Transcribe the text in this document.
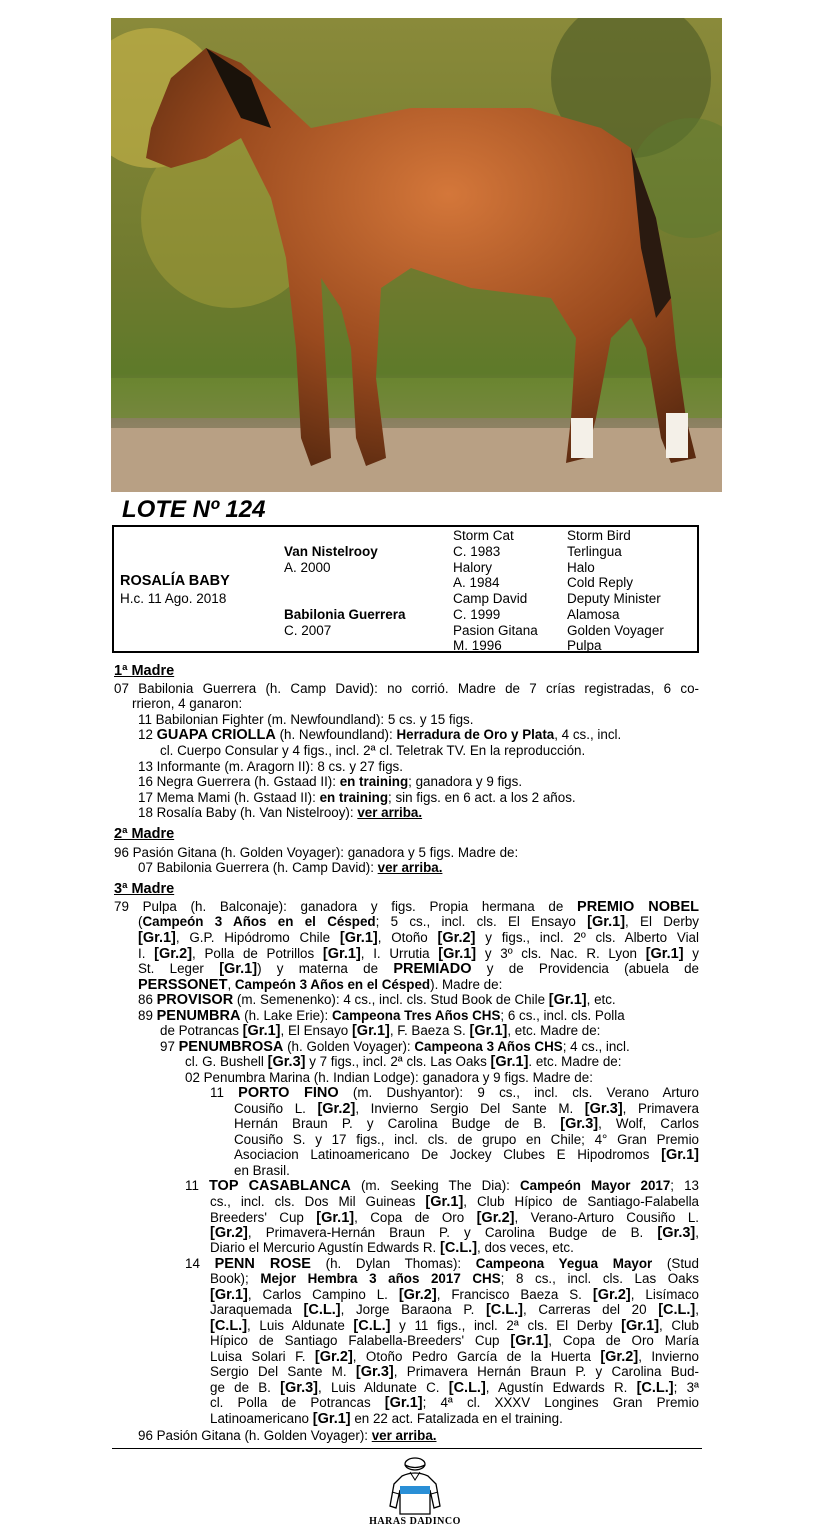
LOTE Nº 124
ROSALÍA BABY
H.c. 11 Ago. 2018
Van Nistelrooy
A. 2000
Babilonia Guerrera
C. 2007
Storm Cat
C. 1983
Halory
A. 1984
Camp David
C. 1999
Pasion Gitana
M. 1996
Storm Bird
Terlingua
Halo
Cold Reply
Deputy Minister
Alamosa
Golden Voyager
Pulpa
1ª Madre
07 Babilonia Guerrera (h. Camp David): no corrió. Madre de 7 crías registradas, 6 co-
rrieron, 4 ganaron:
11 Babilonian Fighter (m. Newfoundland): 5 cs. y 15 figs.
12 GUAPA CRIOLLA (h. Newfoundland): Herradura de Oro y Plata, 4 cs., incl.
cl. Cuerpo Consular y 4 figs., incl. 2ª cl. Teletrak TV. En la reproducción.
13 Informante (m. Aragorn II): 8 cs. y 27 figs.
16 Negra Guerrera (h. Gstaad II): en training; ganadora y 9 figs.
17 Mema Mami (h. Gstaad II): en training; sin figs. en 6 act. a los 2 años.
18 Rosalía Baby (h. Van Nistelrooy): ver arriba.
2ª Madre
96 Pasión Gitana (h. Golden Voyager): ganadora y 5 figs. Madre de:
07 Babilonia Guerrera (h. Camp David): ver arriba.
3ª Madre
79 Pulpa (h. Balconaje): ganadora y figs. Propia hermana de PREMIO NOBEL
(Campeón 3 Años en el Césped; 5 cs., incl. cls. El Ensayo [Gr.1], El Derby
[Gr.1], G.P. Hipódromo Chile [Gr.1], Otoño [Gr.2] y figs., incl. 2º cls. Alberto Vial
I. [Gr.2], Polla de Potrillos [Gr.1], I. Urrutia [Gr.1] y 3º cls. Nac. R. Lyon [Gr.1] y
St. Leger [Gr.1]) y materna de PREMIADO y de Providencia (abuela de
PERSSONET, Campeón 3 Años en el Césped). Madre de:
86 PROVISOR (m. Semenenko): 4 cs., incl. cls. Stud Book de Chile [Gr.1], etc.
89 PENUMBRA (h. Lake Erie): Campeona Tres Años CHS; 6 cs., incl. cls. Polla
de Potrancas [Gr.1], El Ensayo [Gr.1], F. Baeza S. [Gr.1], etc. Madre de:
97 PENUMBROSA (h. Golden Voyager): Campeona 3 Años CHS; 4 cs., incl.
cl. G. Bushell [Gr.3] y 7 figs., incl. 2ª cls. Las Oaks [Gr.1]. etc. Madre de:
02 Penumbra Marina (h. Indian Lodge): ganadora y 9 figs. Madre de:
11 PORTO FINO (m. Dushyantor): 9 cs., incl. cls. Verano Arturo
Cousiño L. [Gr.2], Invierno Sergio Del Sante M. [Gr.3], Primavera
Hernán Braun P. y Carolina Budge de B. [Gr.3], Wolf, Carlos
Cousiño S. y 17 figs., incl. cls. de grupo en Chile; 4° Gran Premio
Asociacion Latinoamericano De Jockey Clubes E Hipodromos [Gr.1]
en Brasil.
11 TOP CASABLANCA (m. Seeking The Dia): Campeón Mayor 2017; 13
cs., incl. cls. Dos Mil Guineas [Gr.1], Club Hípico de Santiago-Falabella
Breeders' Cup [Gr.1], Copa de Oro [Gr.2], Verano-Arturo Cousiño L.
[Gr.2], Primavera-Hernán Braun P. y Carolina Budge de B. [Gr.3],
Diario el Mercurio Agustín Edwards R. [C.L.], dos veces, etc.
14 PENN ROSE (h. Dylan Thomas): Campeona Yegua Mayor (Stud
Book); Mejor Hembra 3 años 2017 CHS; 8 cs., incl. cls. Las Oaks
[Gr.1], Carlos Campino L. [Gr.2], Francisco Baeza S. [Gr.2], Lisímaco
Jaraquemada [C.L.], Jorge Baraona P. [C.L.], Carreras del 20 [C.L.],
[C.L.], Luis Aldunate [C.L.] y 11 figs., incl. 2ª cls. El Derby [Gr.1], Club
Hípico de Santiago Falabella-Breeders' Cup [Gr.1], Copa de Oro María
Luisa Solari F. [Gr.2], Otoño Pedro García de la Huerta [Gr.2], Invierno
Sergio Del Sante M. [Gr.3], Primavera Hernán Braun P. y Carolina Bud-
ge de B. [Gr.3], Luis Aldunate C. [C.L.], Agustín Edwards R. [C.L.]; 3ª
cl. Polla de Potrancas [Gr.1]; 4ª cl. XXXV Longines Gran Premio
Latinoamericano [Gr.1] en 22 act. Fatalizada en el training.
96 Pasión Gitana (h. Golden Voyager): ver arriba.
HARAS DADINCO
